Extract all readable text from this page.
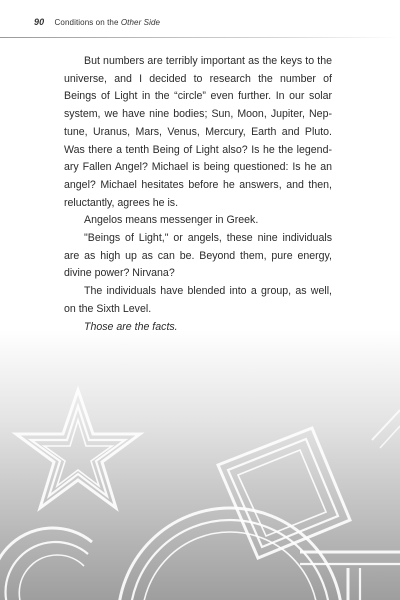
90 Conditions on the Other Side

But numbers are terribly important as the keys to the universe, and I decided to research the number of Beings of Light in the “circle” even further. In our solar system, we have nine bodies; Sun, Moon, Jupiter, Neptune, Uranus, Mars, Venus, Mercury, Earth and Pluto. Was there a tenth Being of Light also? Is he the legendary Fallen Angel? Michael is being questioned: Is he an angel? Michael hesitates before he answers, and then, reluctantly, agrees he is.

Angelos means messenger in Greek.

"Beings of Light," or angels, these nine individuals are as high up as can be. Beyond them, pure energy, divine power? Nirvana?

The individuals have blended into a group, as well, on the Sixth Level.

Those are the facts.
